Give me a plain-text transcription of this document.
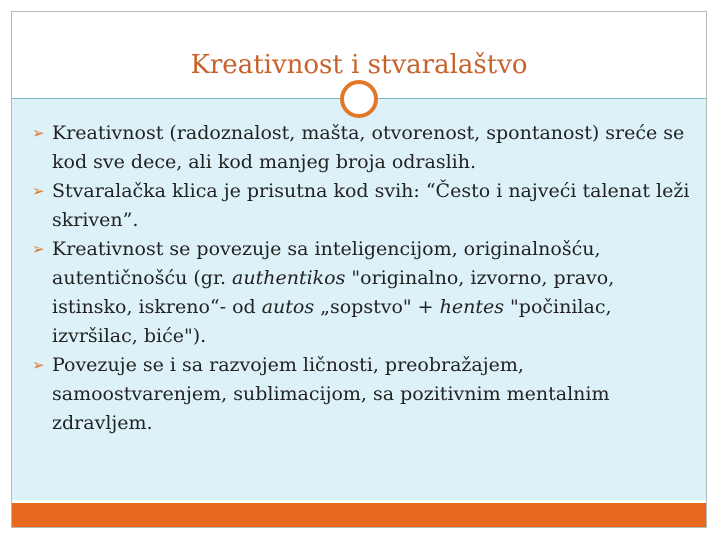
Kreativnost i stvaralaštvo
➢ Kreativnost (radoznalost, mašta, otvorenost, spontanost) sreće se kod sve dece, ali kod manjeg broja odraslih.
➢ Stvaralačka klica je prisutna kod svih: “Često i najveći talenat leži skriven”.
➢ Kreativnost se povezuje sa inteligencijom, originalnošću, autentičnošću (gr. authentikos "originalno, izvorno, pravo, istinsko, iskreno“- od autos „sopstvo" + hentes "počinilac, izvršilac, biće").
➢ Povezuje se i sa razvojem ličnosti, preobražajem, samoostvarenjem, sublimacijom, sa pozitivnim mentalnim zdravljem.
